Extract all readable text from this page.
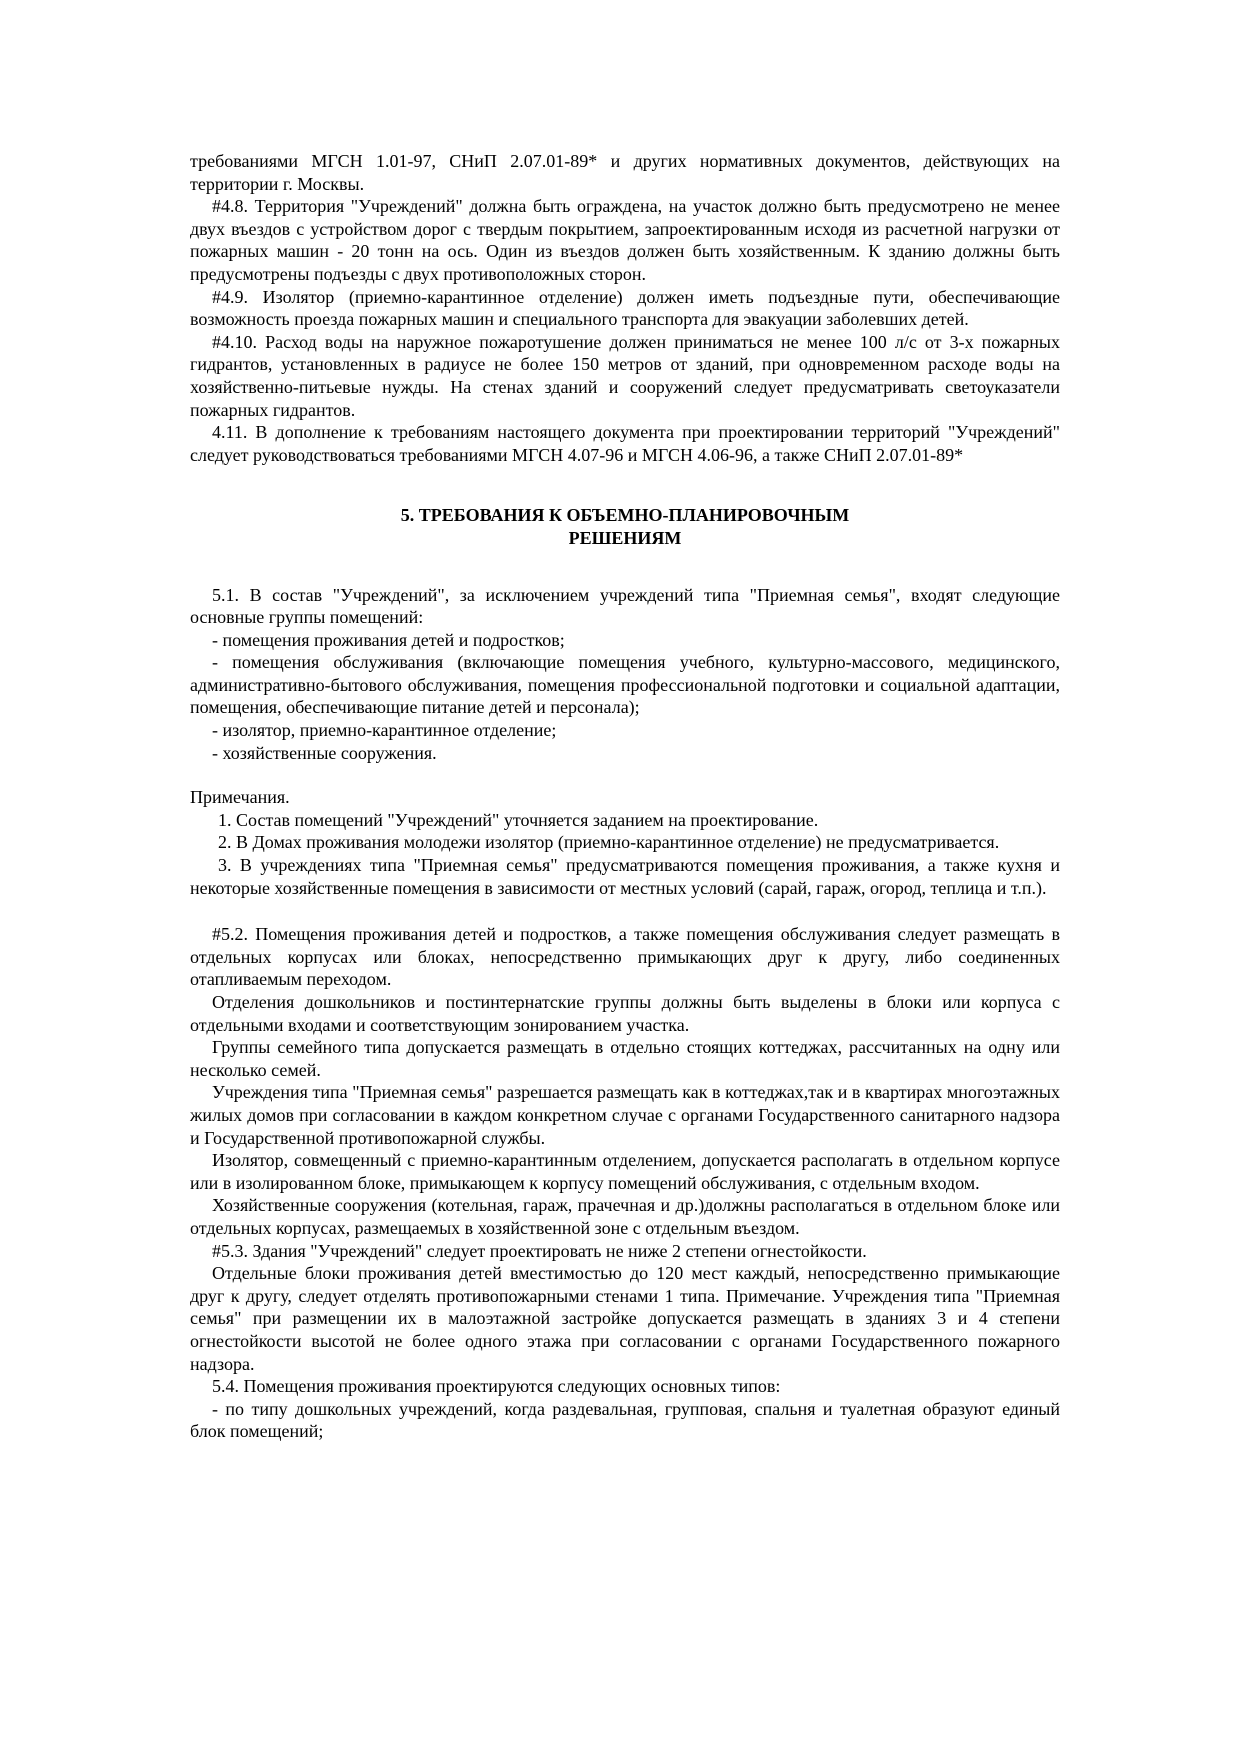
требованиями МГСН 1.01-97, СНиП 2.07.01-89* и других нормативных документов, действующих на территории г. Москвы.

#4.8. Территория "Учреждений" должна быть ограждена, на участок должно быть предусмотрено не менее двух въездов с устройством дорог с твердым покрытием, запроектированным исходя из расчетной нагрузки от пожарных машин - 20 тонн на ось. Один из въездов должен быть хозяйственным. К зданию должны быть предусмотрены подъезды с двух противоположных сторон.

#4.9. Изолятор (приемно-карантинное отделение) должен иметь подъездные пути, обеспечивающие возможность проезда пожарных машин и специального транспорта для эвакуации заболевших детей.

#4.10. Расход воды на наружное пожаротушение должен приниматься не менее 100 л/с от 3-х пожарных гидрантов, установленных в радиусе не более 150 метров от зданий, при одновременном расходе воды на хозяйственно-питьевые нужды. На стенах зданий и сооружений следует предусматривать светоуказатели пожарных гидрантов.

4.11. В дополнение к требованиям настоящего документа при проектировании территорий "Учреждений" следует руководствоваться требованиями МГСН 4.07-96 и МГСН 4.06-96, а также СНиП 2.07.01-89*

5. ТРЕБОВАНИЯ К ОБЪЕМНО-ПЛАНИРОВОЧНЫМ
РЕШЕНИЯМ

5.1. В состав "Учреждений", за исключением учреждений типа "Приемная семья", входят следующие основные группы помещений:

- помещения проживания детей и подростков;

- помещения обслуживания (включающие помещения учебного, культурно-массового, медицинского, административно-бытового обслуживания, помещения профессиональной подготовки и социальной адаптации, помещения, обеспечивающие питание детей и персонала);

- изолятор, приемно-карантинное отделение;

- хозяйственные сооружения.

Примечания.

1. Состав помещений "Учреждений" уточняется заданием на проектирование.

2. В Домах проживания молодежи изолятор (приемно-карантинное отделение) не предусматривается.

3. В учреждениях типа "Приемная семья" предусматриваются помещения проживания, а также кухня и некоторые хозяйственные помещения в зависимости от местных условий (сарай, гараж, огород, теплица и т.п.).

#5.2. Помещения проживания детей и подростков, а также помещения обслуживания следует размещать в отдельных корпусах или блоках, непосредственно примыкающих друг к другу, либо соединенных отапливаемым переходом.

Отделения дошкольников и постинтернатские группы должны быть выделены в блоки или корпуса с отдельными входами и соответствующим зонированием участка.

Группы семейного типа допускается размещать в отдельно стоящих коттеджах, рассчитанных на одну или несколько семей.

Учреждения типа "Приемная семья" разрешается размещать как в коттеджах,так и в квартирах многоэтажных жилых домов при согласовании в каждом конкретном случае с органами Государственного санитарного надзора и Государственной противопожарной службы.

Изолятор, совмещенный с приемно-карантинным отделением, допускается располагать в отдельном корпусе или в изолированном блоке, примыкающем к корпусу помещений обслуживания, с отдельным входом.

Хозяйственные сооружения (котельная, гараж, прачечная и др.)должны располагаться в отдельном блоке или отдельных корпусах, размещаемых в хозяйственной зоне с отдельным въездом.

#5.3. Здания "Учреждений" следует проектировать не ниже 2 степени огнестойкости.

Отдельные блоки проживания детей вместимостью до 120 мест каждый, непосредственно примыкающие друг к другу, следует отделять противопожарными стенами 1 типа. Примечание. Учреждения типа "Приемная семья" при размещении их в малоэтажной застройке допускается размещать в зданиях 3 и 4 степени огнестойкости высотой не более одного этажа при согласовании с органами Государственного пожарного надзора.

5.4. Помещения проживания проектируются следующих основных типов:

- по типу дошкольных учреждений, когда раздевальная, групповая, спальня и туалетная образуют единый блок помещений;
